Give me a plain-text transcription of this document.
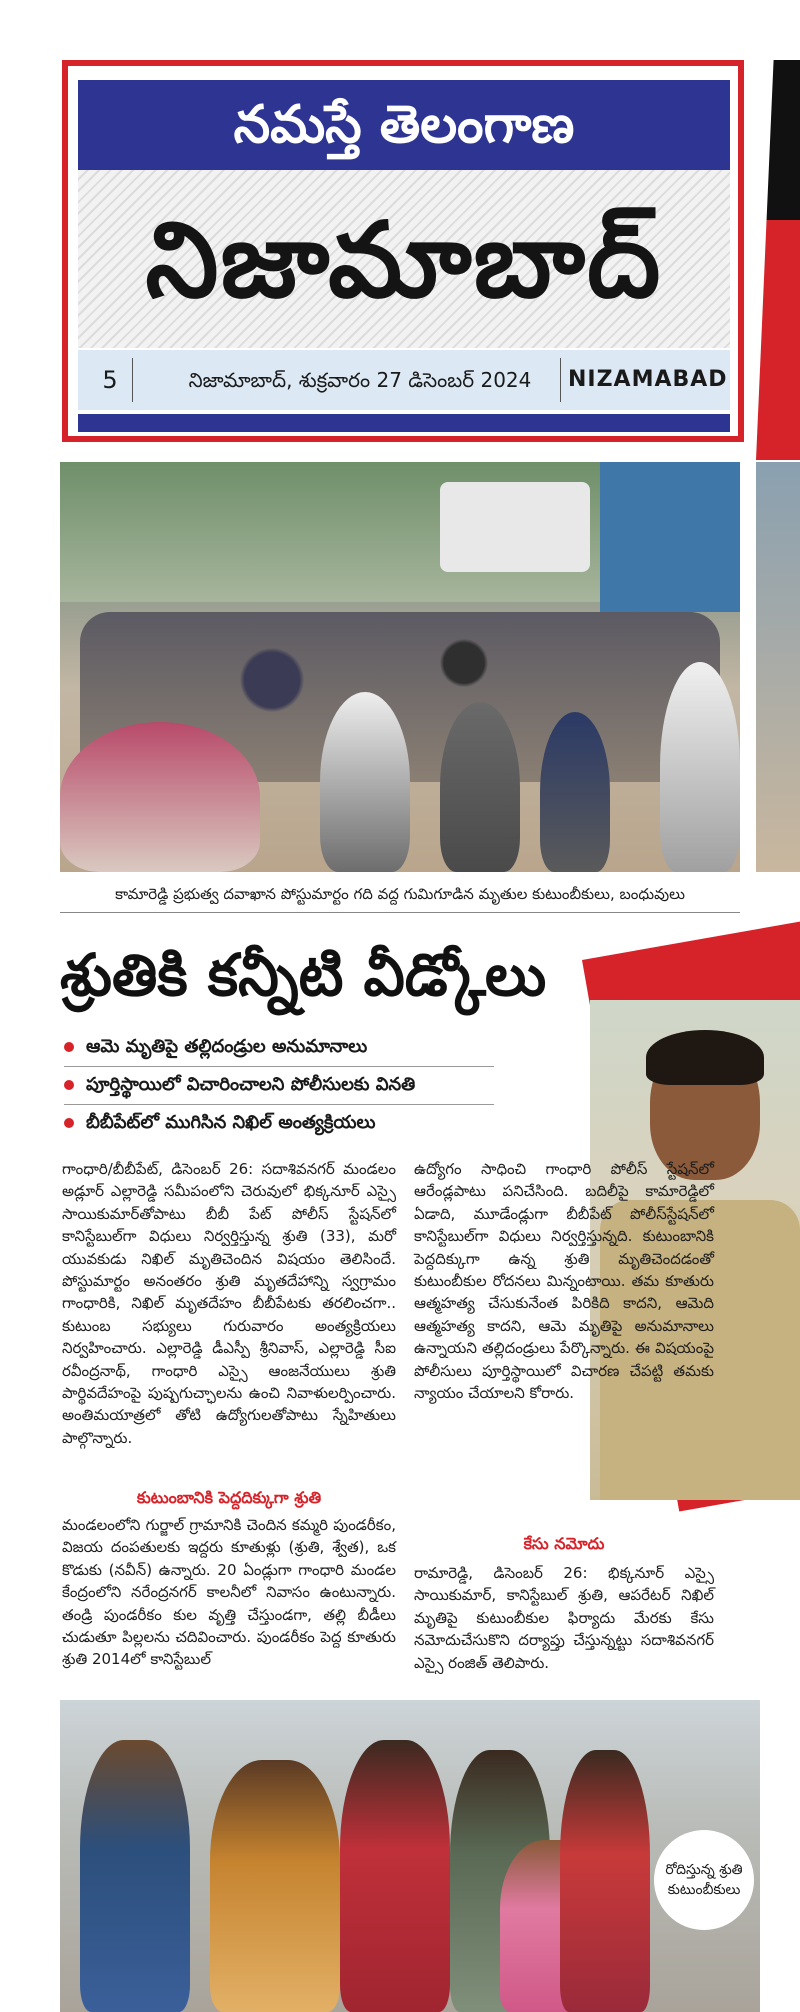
నమస్తే తెలంగాణ
నిజామాబాద్
5	నిజామాబాద్, శుక్రవారం 27 డిసెంబర్ 2024	NIZAMABAD
కామారెడ్డి ప్రభుత్వ దవాఖాన పోస్టుమార్టం గది వద్ద గుమిగూడిన మృతుల కుటుంబీకులు, బంధువులు
శ్రుతికి కన్నీటి వీడ్కోలు
ఆమె మృతిపై తల్లిదండ్రుల అనుమానాలు
పూర్తిస్థాయిలో విచారించాలని పోలీసులకు వినతి
బీబీపేట్‌లో ముగిసిన నిఖిల్ అంత్యక్రియలు
గాంధారి/బీబీపేట్, డిసెంబర్ 26: సదాశివనగర్ మండలం అడ్లూర్ ఎల్లారెడ్డి సమీపంలోని చెరువులో భిక్కనూర్ ఎస్సై సాయికుమార్‌తోపాటు బీబీ పేట్ పోలీస్ స్టేషన్‌లో కానిస్టేబుల్‌గా విధులు నిర్వర్తిస్తున్న శ్రుతి (33), మరో యువకుడు నిఖిల్ మృతిచెందిన విషయం తెలిసిందే. పోస్టుమార్టం అనంతరం శ్రుతి మృతదేహాన్ని స్వగ్రామం గాంధారికి, నిఖిల్ మృతదేహం బీబీపేటకు తరలించగా.. కుటుంబ సభ్యులు గురువారం అంత్యక్రియలు నిర్వహించారు. ఎల్లారెడ్డి డీఎస్పీ శ్రీనివాస్, ఎల్లారెడ్డి సీఐ రవీంద్రనాథ్, గాంధారి ఎస్సై ఆంజనేయులు శ్రుతి పార్థివదేహంపై పుష్పగుచ్ఛాలను ఉంచి నివాళులర్పించారు. అంతిమయాత్రలో తోటి ఉద్యోగులతోపాటు స్నేహితులు పాల్గొన్నారు.
కుటుంబానికి పెద్దదిక్కుగా శ్రుతి
మండలంలోని గుర్జాల్ గ్రామానికి చెందిన కమ్మరి పుండరీకం, విజయ దంపతులకు ఇద్దరు కూతుళ్లు (శ్రుతి, శ్వేత), ఒక కొడుకు (నవీన్) ఉన్నారు. 20 ఏండ్లుగా గాంధారి మండల కేంద్రంలోని నరేంద్రనగర్ కాలనీలో నివాసం ఉంటున్నారు. తండ్రి పుండరీకం కుల వృత్తి చేస్తుండగా, తల్లి బీడీలు చుడుతూ పిల్లలను చదివించారు. పుండరీకం పెద్ద కూతురు శ్రుతి 2014లో కానిస్టేబుల్
ఉద్యోగం సాధించి గాంధారి పోలీస్ స్టేషన్‌లో ఆరేండ్లపాటు పనిచేసింది. బదిలీపై కామారెడ్డిలో ఏడాది, మూడేండ్లుగా బీబీపేట్ పోలీస్‌స్టేషన్‌లో కానిస్టేబుల్‌గా విధులు నిర్వర్తిస్తున్నది. కుటుంబానికి పెద్దదిక్కుగా ఉన్న శ్రుతి మృతిచెందడంతో కుటుంబీకుల రోదనలు మిన్నంటాయి. తమ కూతురు ఆత్మహత్య చేసుకునేంత పిరికిది కాదని, ఆమెది ఆత్మహత్య కాదని, ఆమె మృతిపై అనుమానాలు ఉన్నాయని తల్లిదండ్రులు పేర్కొన్నారు. ఈ విషయంపై పోలీసులు పూర్తిస్థాయిలో విచారణ చేపట్టి తమకు న్యాయం చేయాలని కోరారు.
కేసు నమోదు
రామారెడ్డి, డిసెంబర్ 26: భిక్కనూర్ ఎస్సై సాయికుమార్, కానిస్టేబుల్ శ్రుతి, ఆపరేటర్ నిఖిల్ మృతిపై కుటుంబీకుల ఫిర్యాదు మేరకు కేసు నమోదుచేసుకొని దర్యాప్తు చేస్తున్నట్టు సదాశివనగర్ ఎస్సై రంజిత్ తెలిపారు.
రోదిస్తున్న శ్రుతి కుటుంబీకులు
